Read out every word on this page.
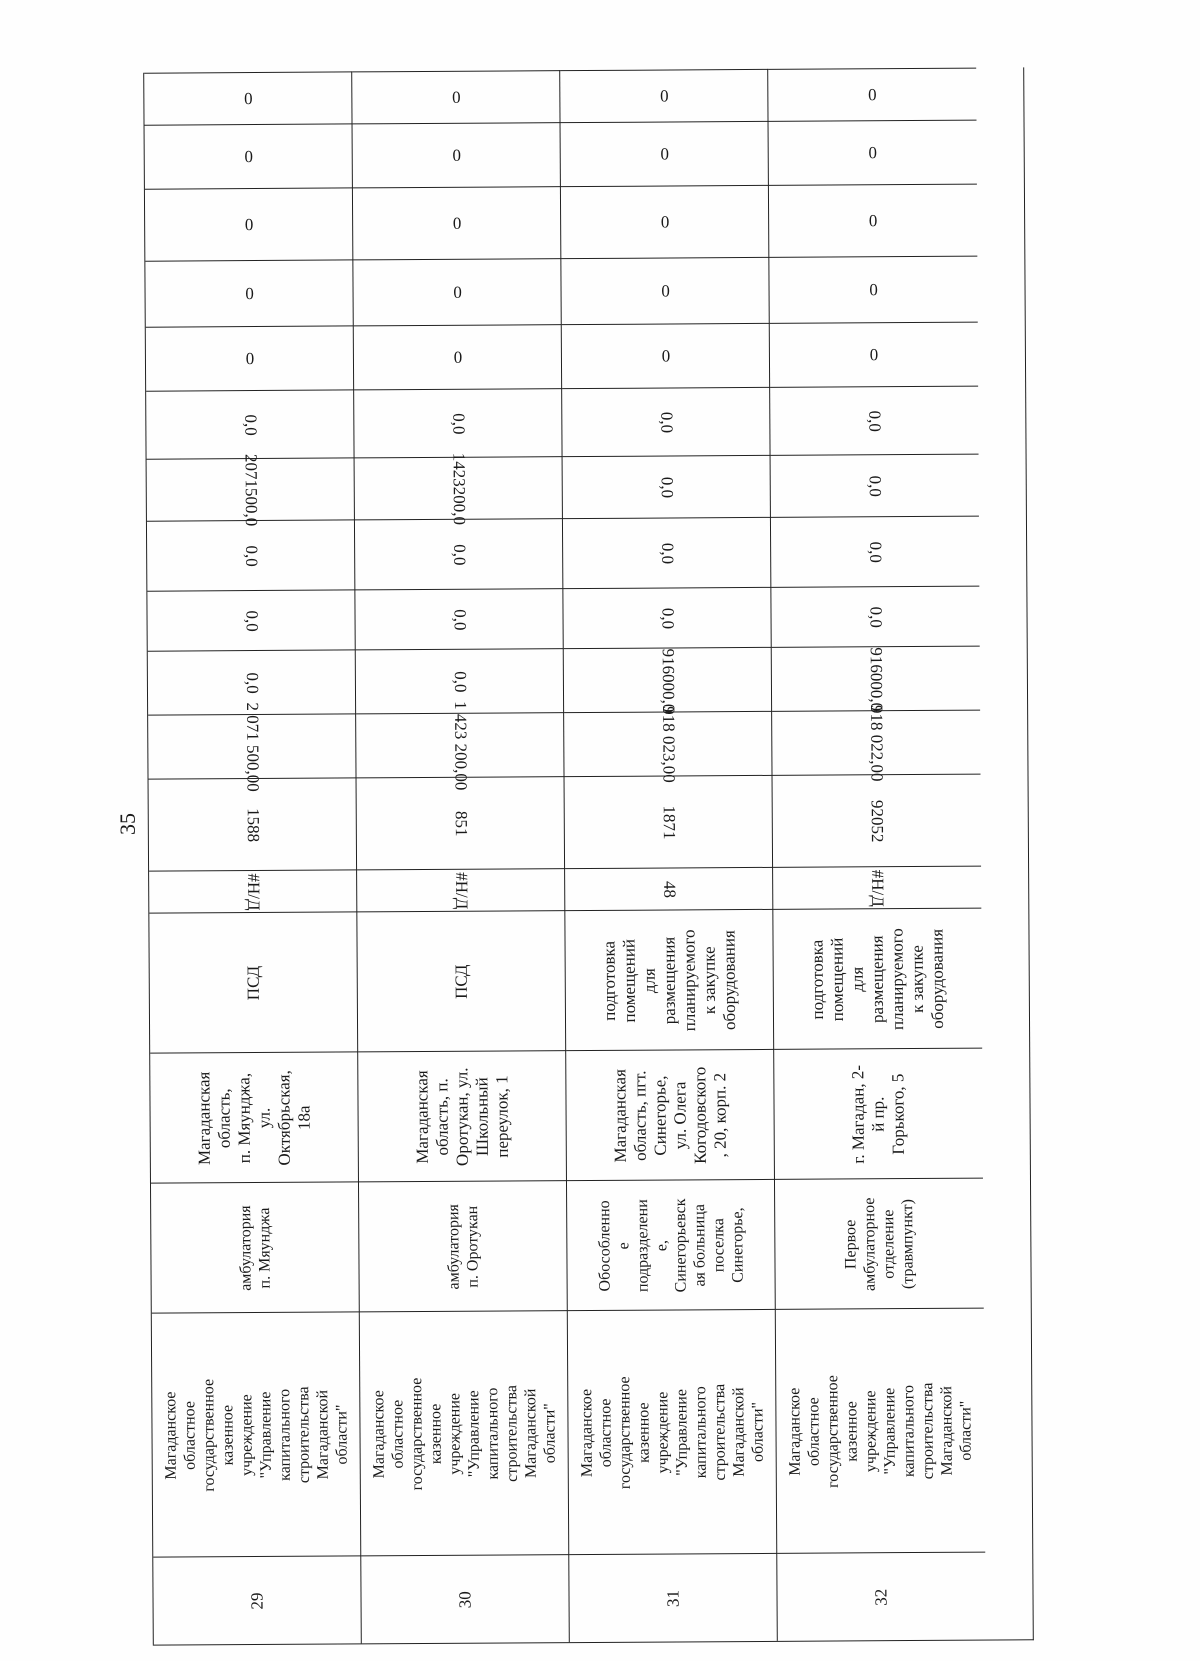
35
0
0
0
0
0
0,0
2071500,0
0,0
0,0
0,0
2 071 500,00
1588
#Н/Д
ПСД
Магаданская
область,
п. Мяунджа,
ул.
Октябрьская,
18а
амбулатория
п. Мяунджа
Магаданское
областное
государственное
казенное
учреждение
"Управление
капитального
строительства
Магаданской
области"
29
0
0
0
0
0
0,0
1423200,0
0,0
0,0
0,0
1 423 200,00
851
#Н/Д
ПСД
Магаданская
область, п.
Оротукан, ул.
Школьный
переулок, 1
амбулатория
п. Оротукан
Магаданское
областное
государственное
казенное
учреждение
"Управление
капитального
строительства
Магаданской
области"
30
0
0
0
0
0
0,0
0,0
0,0
0,0
916000,0
918 023,00
1871
48
подготовка
помещений для
размещения
планируемого
к закупке
оборудования
Магаданская
область, пгт.
Синегорье,
ул. Олега
Когодовского
, 20, корп. 2
Обособленно
е
подразделени
е,
Синегорьевск
ая больница
поселка
Синегорье,
Магаданское
областное
государственное
казенное
учреждение
"Управление
капитального
строительства
Магаданской
области"
31
0
0
0
0
0
0,0
0,0
0,0
0,0
916000,0
918 022,00
92052
#Н/Д
подготовка
помещений для
размещения
планируемого
к закупке
оборудования
г. Магадан, 2-
й пр.
Горького, 5
Первое
амбулаторное
отделение
(травмпункт)
Магаданское
областное
государственное
казенное
учреждение
"Управление
капитального
строительства
Магаданской
области"
32
